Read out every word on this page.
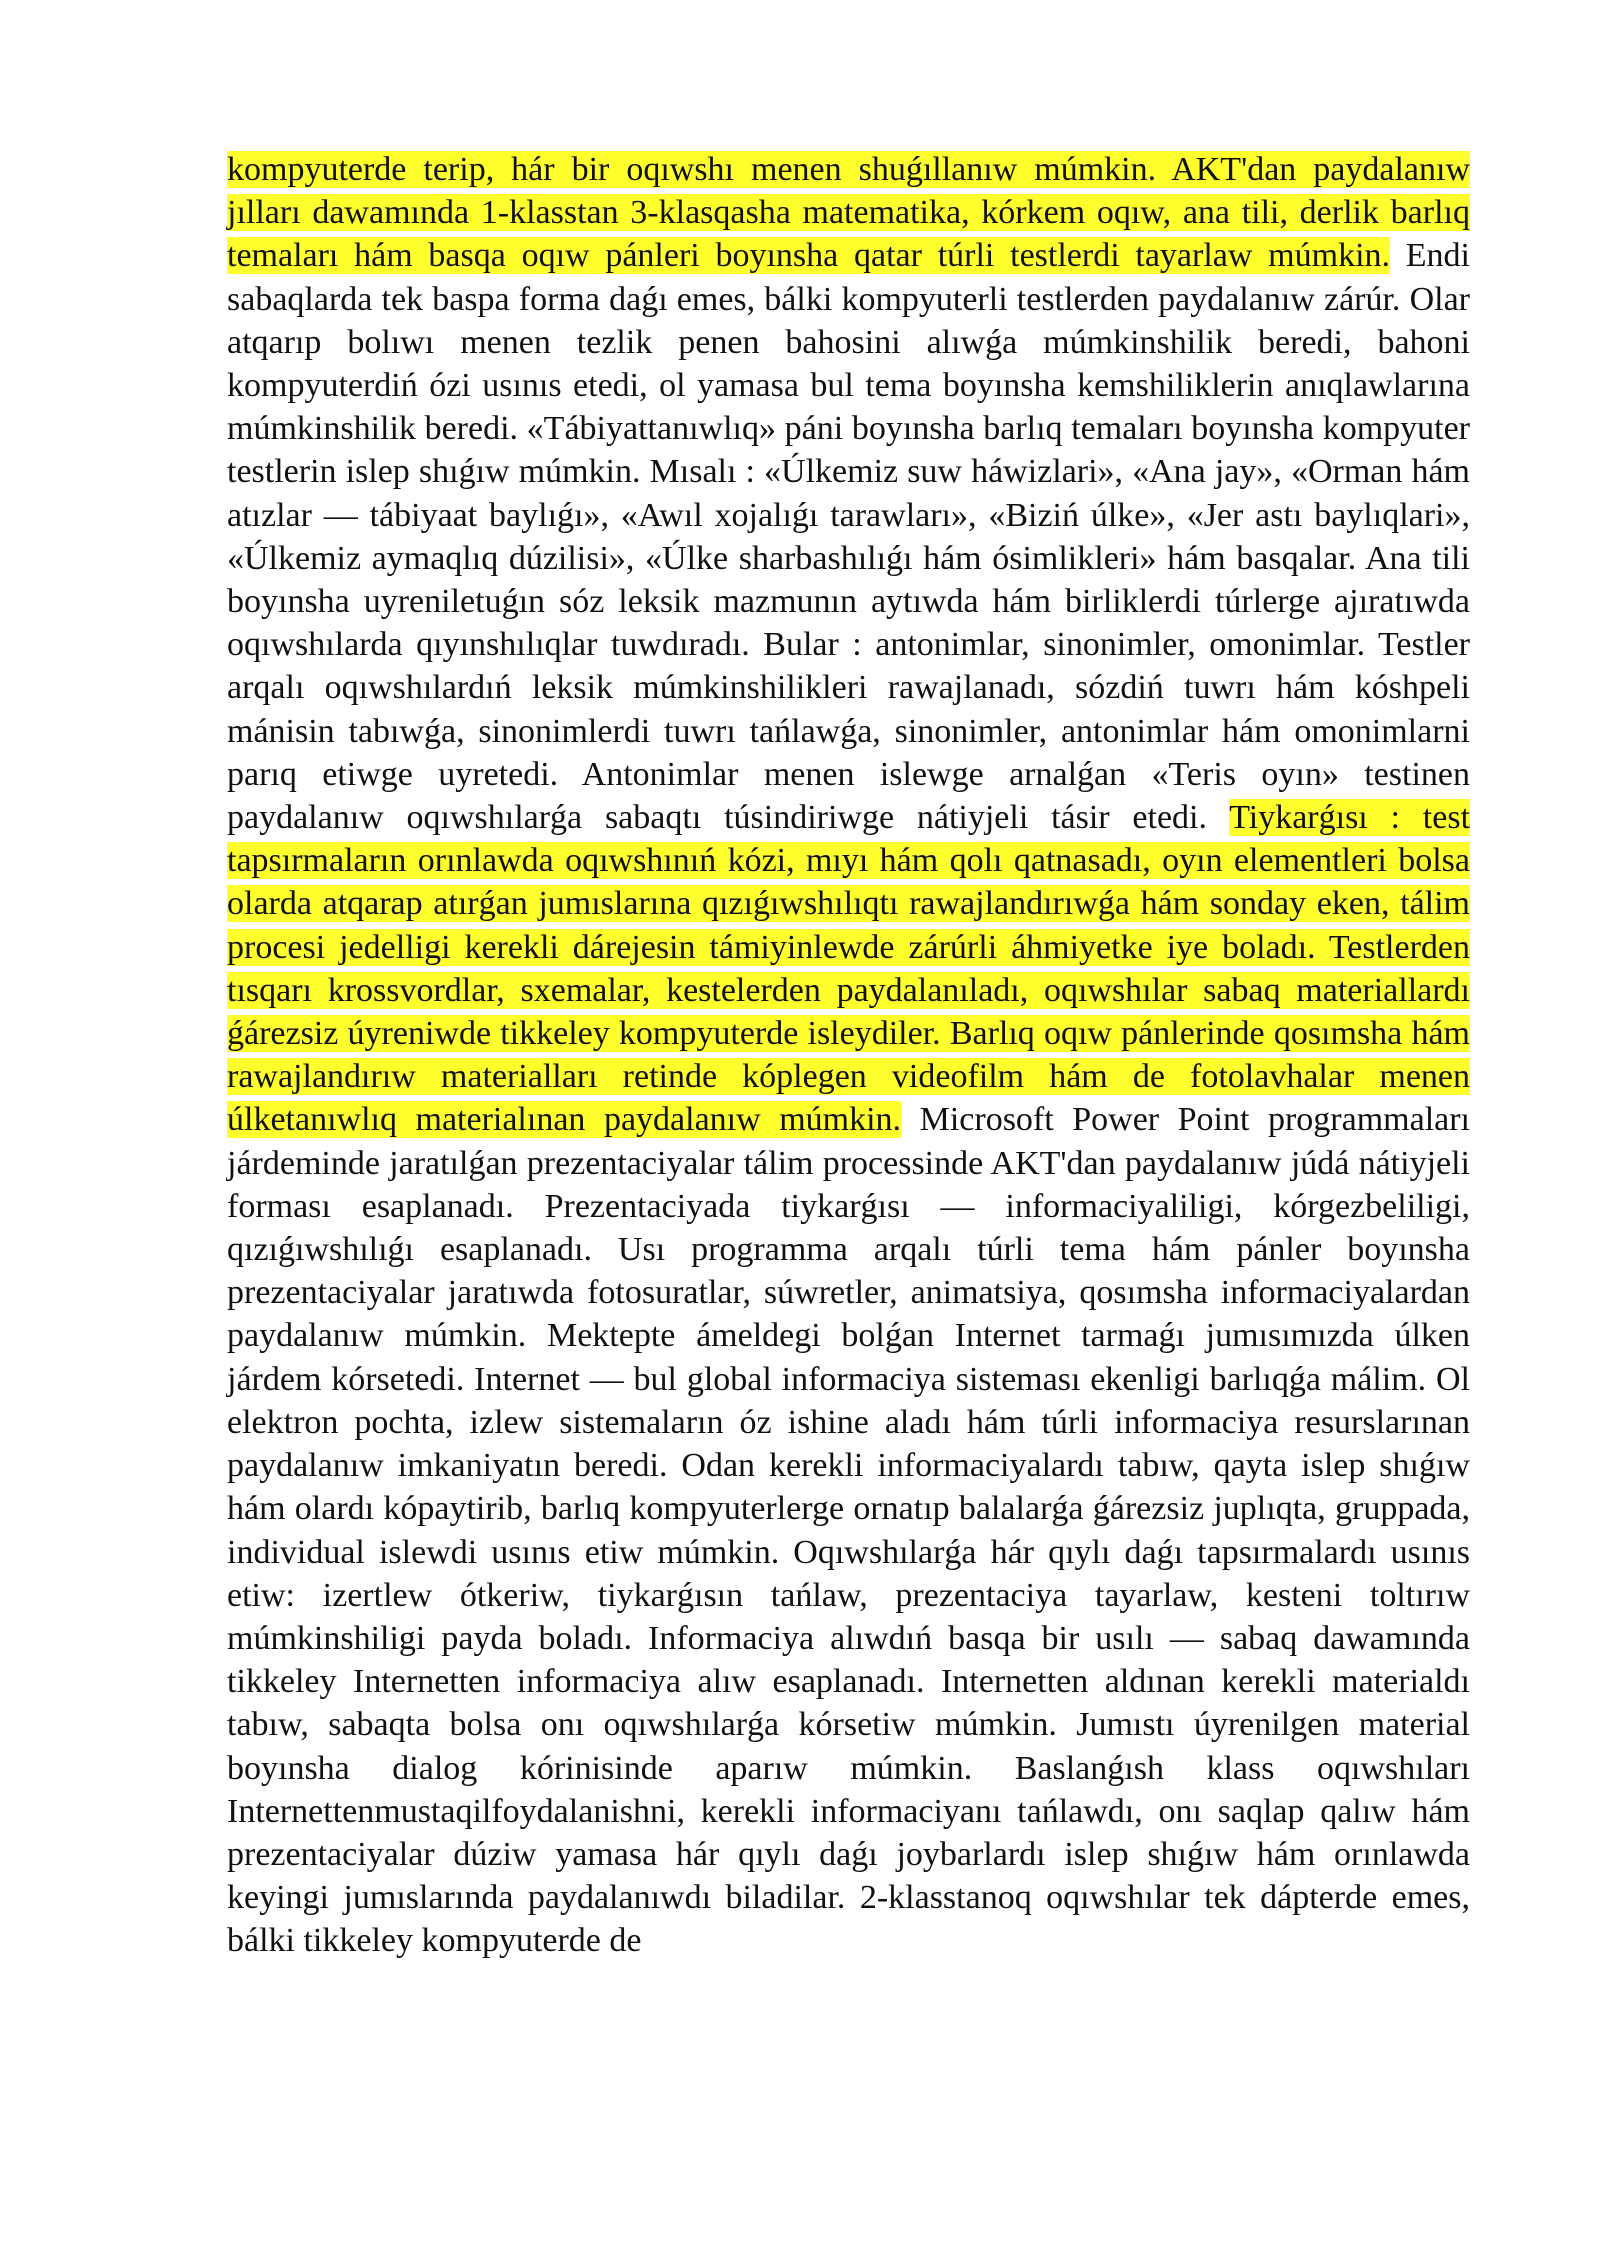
kompyuterde terip, hár bir oqıwshı menen shuǵıllanıw múmkin. AKT'dan paydalanıw jılları dawamında 1-klasstan 3-klasqasha matematika, kórkem oqıw, ana tili, derlik barlıq temaları hám basqa oqıw pánleri boyınsha qatar túrli testlerdi tayarlaw múmkin. Endi sabaqlarda tek baspa forma daǵı emes, bálki kompyuterli testlerden paydalanıw zárúr. Olar atqarıp bolıwı menen tezlik penen bahosini alıwǵa múmkinshilik beredi, bahoni kompyuterdiń ózi usınıs etedi, ol yamasa bul tema boyınsha kemshiliklerin anıqlawlarına múmkinshilik beredi. «Tábiyattanıwlıq» páni boyınsha barlıq temaları boyınsha kompyuter testlerin islep shıǵıw múmkin. Mısalı : «Úlkemiz suw háwizlari», «Ana jay», «Orman hám atızlar — tábiyaat baylıǵı», «Awıl xojalıǵı tarawları», «Biziń úlke», «Jer astı baylıqlari», «Úlkemiz aymaqlıq dúzilisi», «Úlke sharbashılıǵı hám ósimlikleri» hám basqalar. Ana tili boyınsha uyreniletuǵın sóz leksik mazmunın aytıwda hám birliklerdi túrlerge ajıratıwda oqıwshılarda qıyınshılıqlar tuwdıradı. Bular : antonimlar, sinonimler, omonimlar. Testler arqalı oqıwshılardıń leksik múmkinshilikleri rawajlanadı, sózdiń tuwrı hám kóshpeli mánisin tabıwǵa, sinonimlerdi tuwrı tańlawǵa, sinonimler, antonimlar hám omonimlarni parıq etiwge uyretedi. Antonimlar menen islewge arnalǵan «Teris oyın» testinen paydalanıw oqıwshılarǵa sabaqtı túsindiriwge nátiyjeli tásir etedi. Tiykarǵısı : test tapsırmaların orınlawda oqıwshınıń kózi, mıyı hám qolı qatnasadı, oyın elementleri bolsa olarda atqarap atırǵan jumıslarına qızıǵıwshılıqtı rawajlandırıwǵa hám sonday eken, tálim procesi jedelligi kerekli dárejesin támiyinlewde zárúrli áhmiyetke iye boladı. Testlerden tısqarı krossvordlar, sxemalar, kestelerden paydalanıladı, oqıwshılar sabaq materiallardı ǵárezsiz úyreniwde tikkeley kompyuterde isleydiler. Barlıq oqıw pánlerinde qosımsha hám rawajlandırıw materialları retinde kóplegen videofilm hám de fotolavhalar menen úlketanıwlıq materialınan paydalanıw múmkin. Microsoft Power Point programmaları járdeminde jaratılǵan prezentaciyalar tálim processinde AKT'dan paydalanıw júdá nátiyjeli forması esaplanadı. Prezentaciyada tiykarǵısı — informaciyaliligi, kórgezbeliligi, qızıǵıwshılıǵı esaplanadı. Usı programma arqalı túrli tema hám pánler boyınsha prezentaciyalar jaratıwda fotosuratlar, súwretler, animatsiya, qosımsha informaciyalardan paydalanıw múmkin. Mektepte ámeldegi bolǵan Internet tarmaǵı jumısımızda úlken járdem kórsetedi. Internet — bul global informaciya sisteması ekenligi barlıqǵa málim. Ol elektron pochta, izlew sistemaların óz ishine aladı hám túrli informaciya resurslarınan paydalanıw imkaniyatın beredi. Odan kerekli informaciyalardı tabıw, qayta islep shıǵıw hám olardı kópaytirib, barlıq kompyuterlerge ornatıp balalarǵa ǵárezsiz juplıqta, gruppada, individual islewdi usınıs etiw múmkin. Oqıwshılarǵa hár qıylı daǵı tapsırmalardı usınıs etiw: izertlew ótkeriw, tiykarǵısın tańlaw, prezentaciya tayarlaw, kesteni toltırıw múmkinshiligi payda boladı. Informaciya alıwdıń basqa bir usılı — sabaq dawamında tikkeley Internetten informaciya alıw esaplanadı. Internetten aldınan kerekli materialdı tabıw, sabaqta bolsa onı oqıwshılarǵa kórsetiw múmkin. Jumıstı úyrenilgen material boyınsha dialog kórinisinde aparıw múmkin. Baslanǵısh klass oqıwshıları Internettenmustaqilfoydalanishni, kerekli informaciyanı tańlawdı, onı saqlap qalıw hám prezentaciyalar dúziw yamasa hár qıylı daǵı joybarlardı islep shıǵıw hám orınlawda keyingi jumıslarında paydalanıwdı biladilar. 2-klasstanoq oqıwshılar tek dápterde emes, bálki tikkeley kompyuterde de
